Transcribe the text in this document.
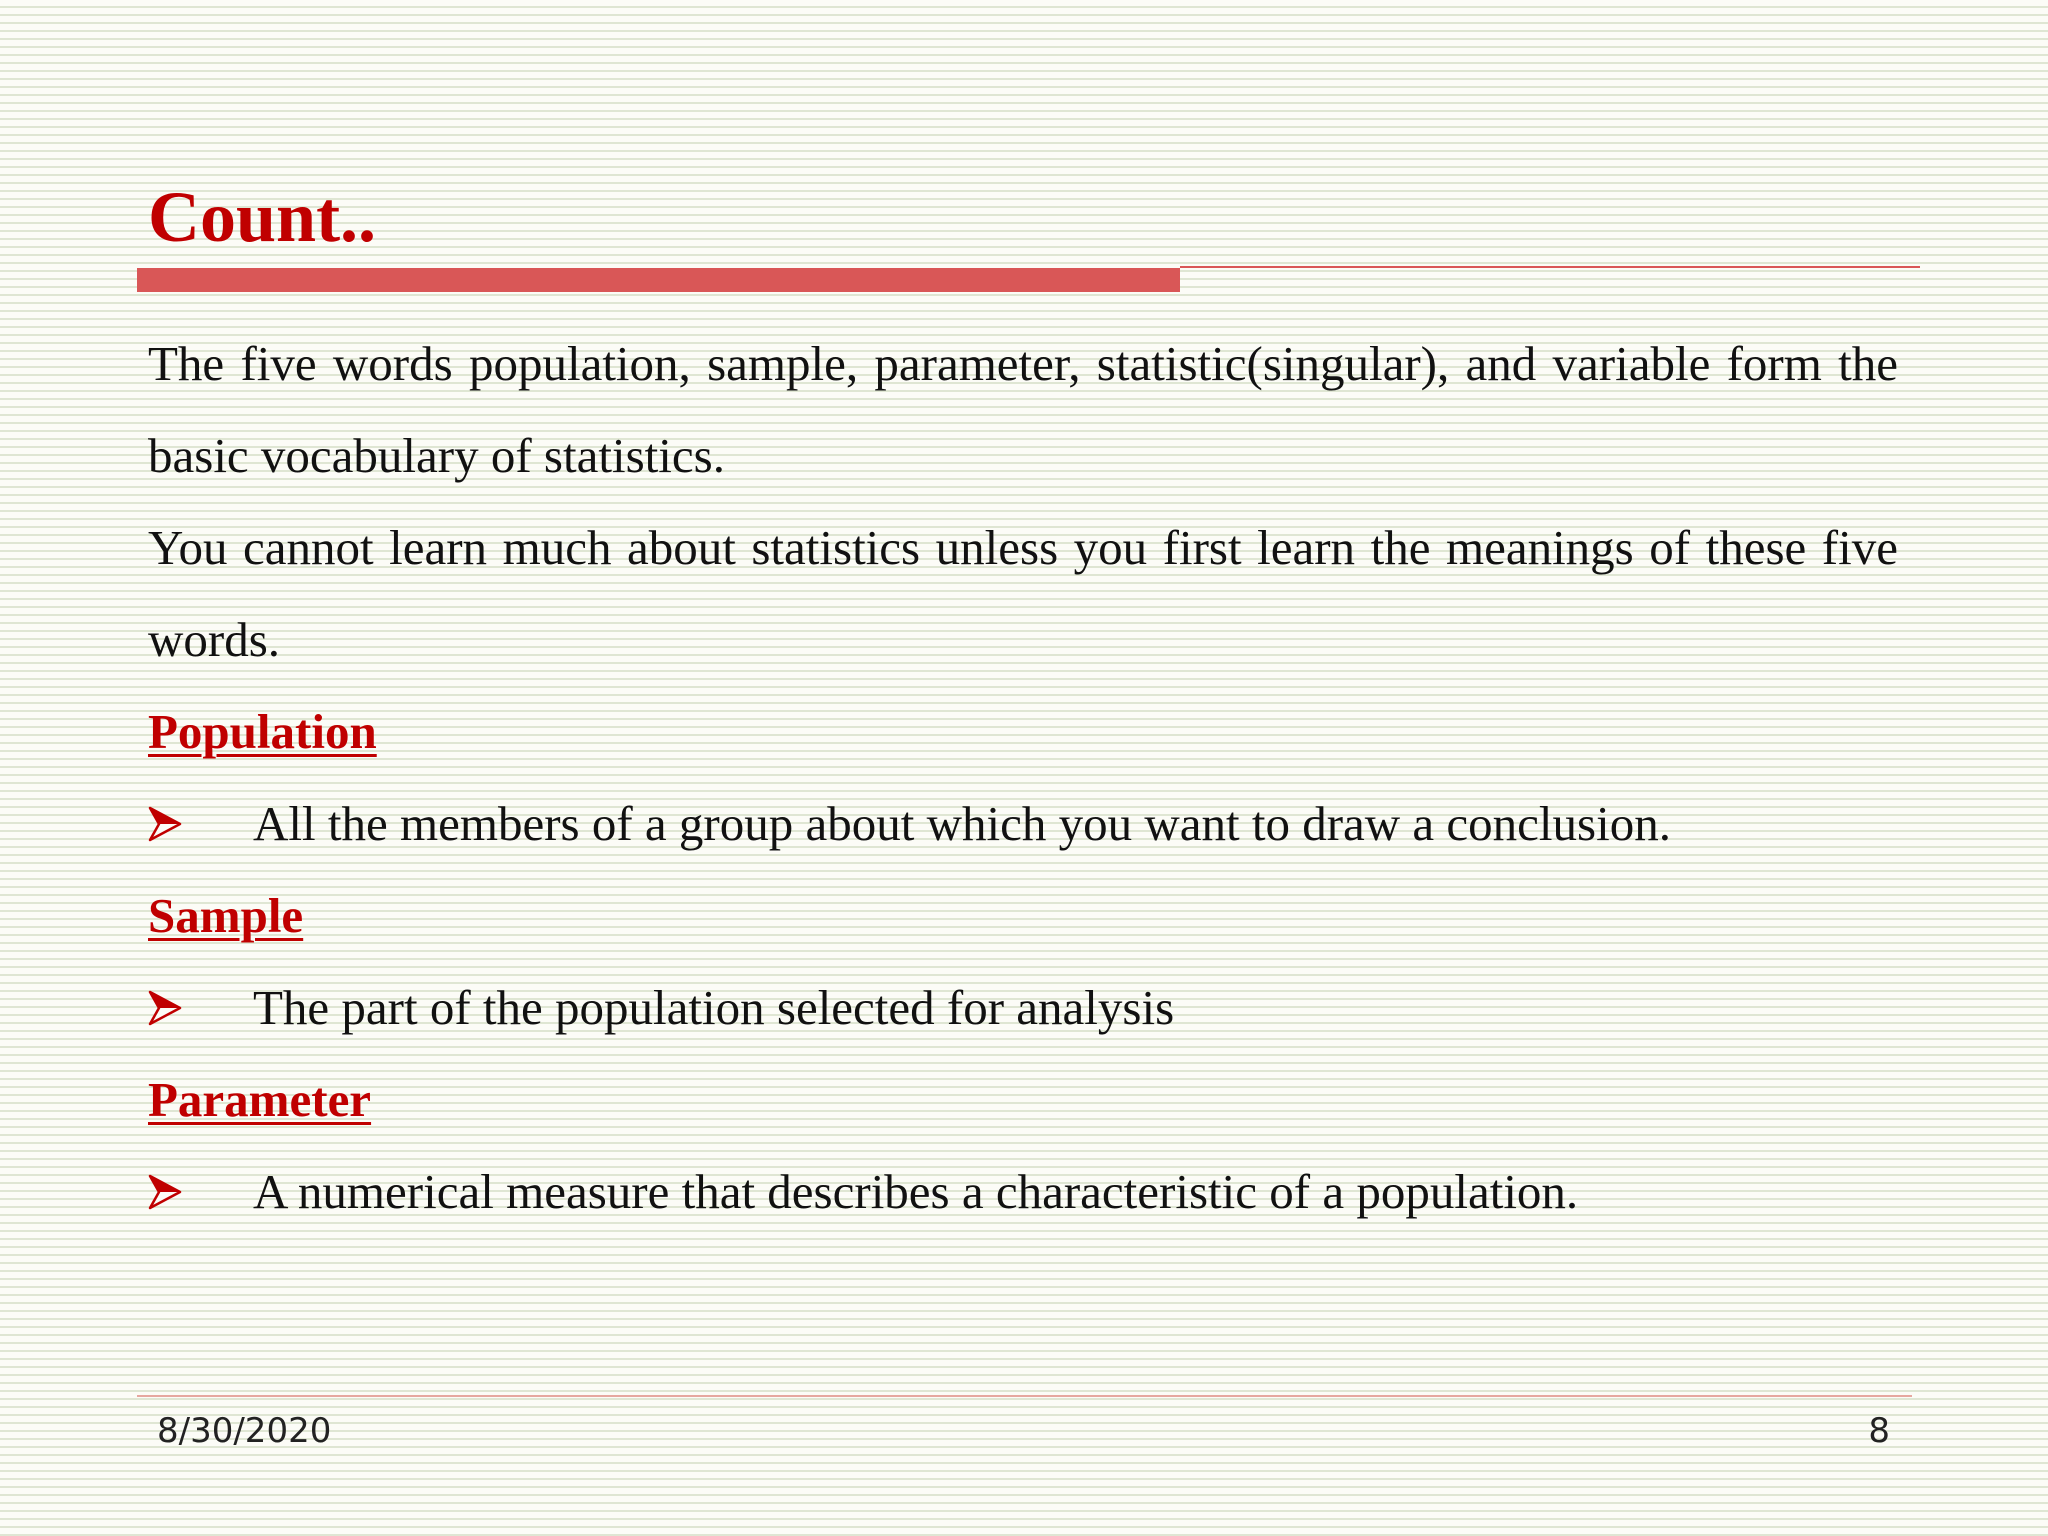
Count..

The five words population, sample, parameter, statistic(singular), and variable form the basic vocabulary of statistics.

You cannot learn much about statistics unless you first learn the meanings of these five words.

Population

All the members of a group about which you want to draw a conclusion.

Sample

The part of the population selected for analysis

Parameter

A numerical measure that describes a characteristic of a population.
8/30/2020	8
